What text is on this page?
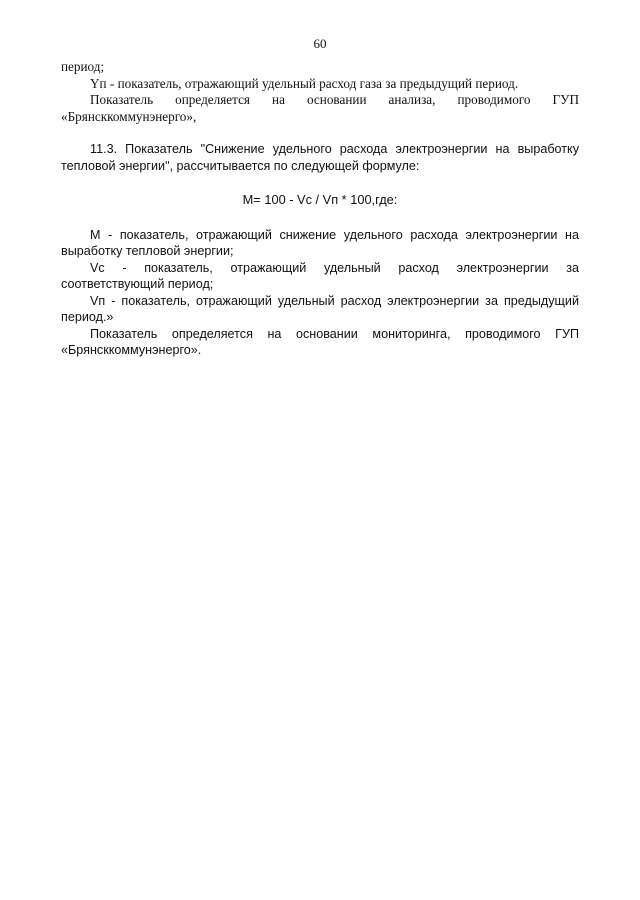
60

период;

Yп - показатель, отражающий удельный расход газа за предыдущий период.

Показатель определяется на основании анализа, проводимого ГУП «Брянсккоммунэнерго»,

11.3. Показатель "Снижение удельного расхода электроэнергии на выработку тепловой энергии", рассчитывается по следующей формуле:

М= 100 - Vс / Vп * 100,где:

М - показатель, отражающий снижение удельного расхода электроэнергии на выработку тепловой энергии;

Vс - показатель, отражающий удельный расход электроэнергии за соответствующий период;

Vп - показатель, отражающий удельный расход электроэнергии за предыдущий период.»

Показатель определяется на основании мониторинга, проводимого ГУП «Брянсккоммунэнерго».
